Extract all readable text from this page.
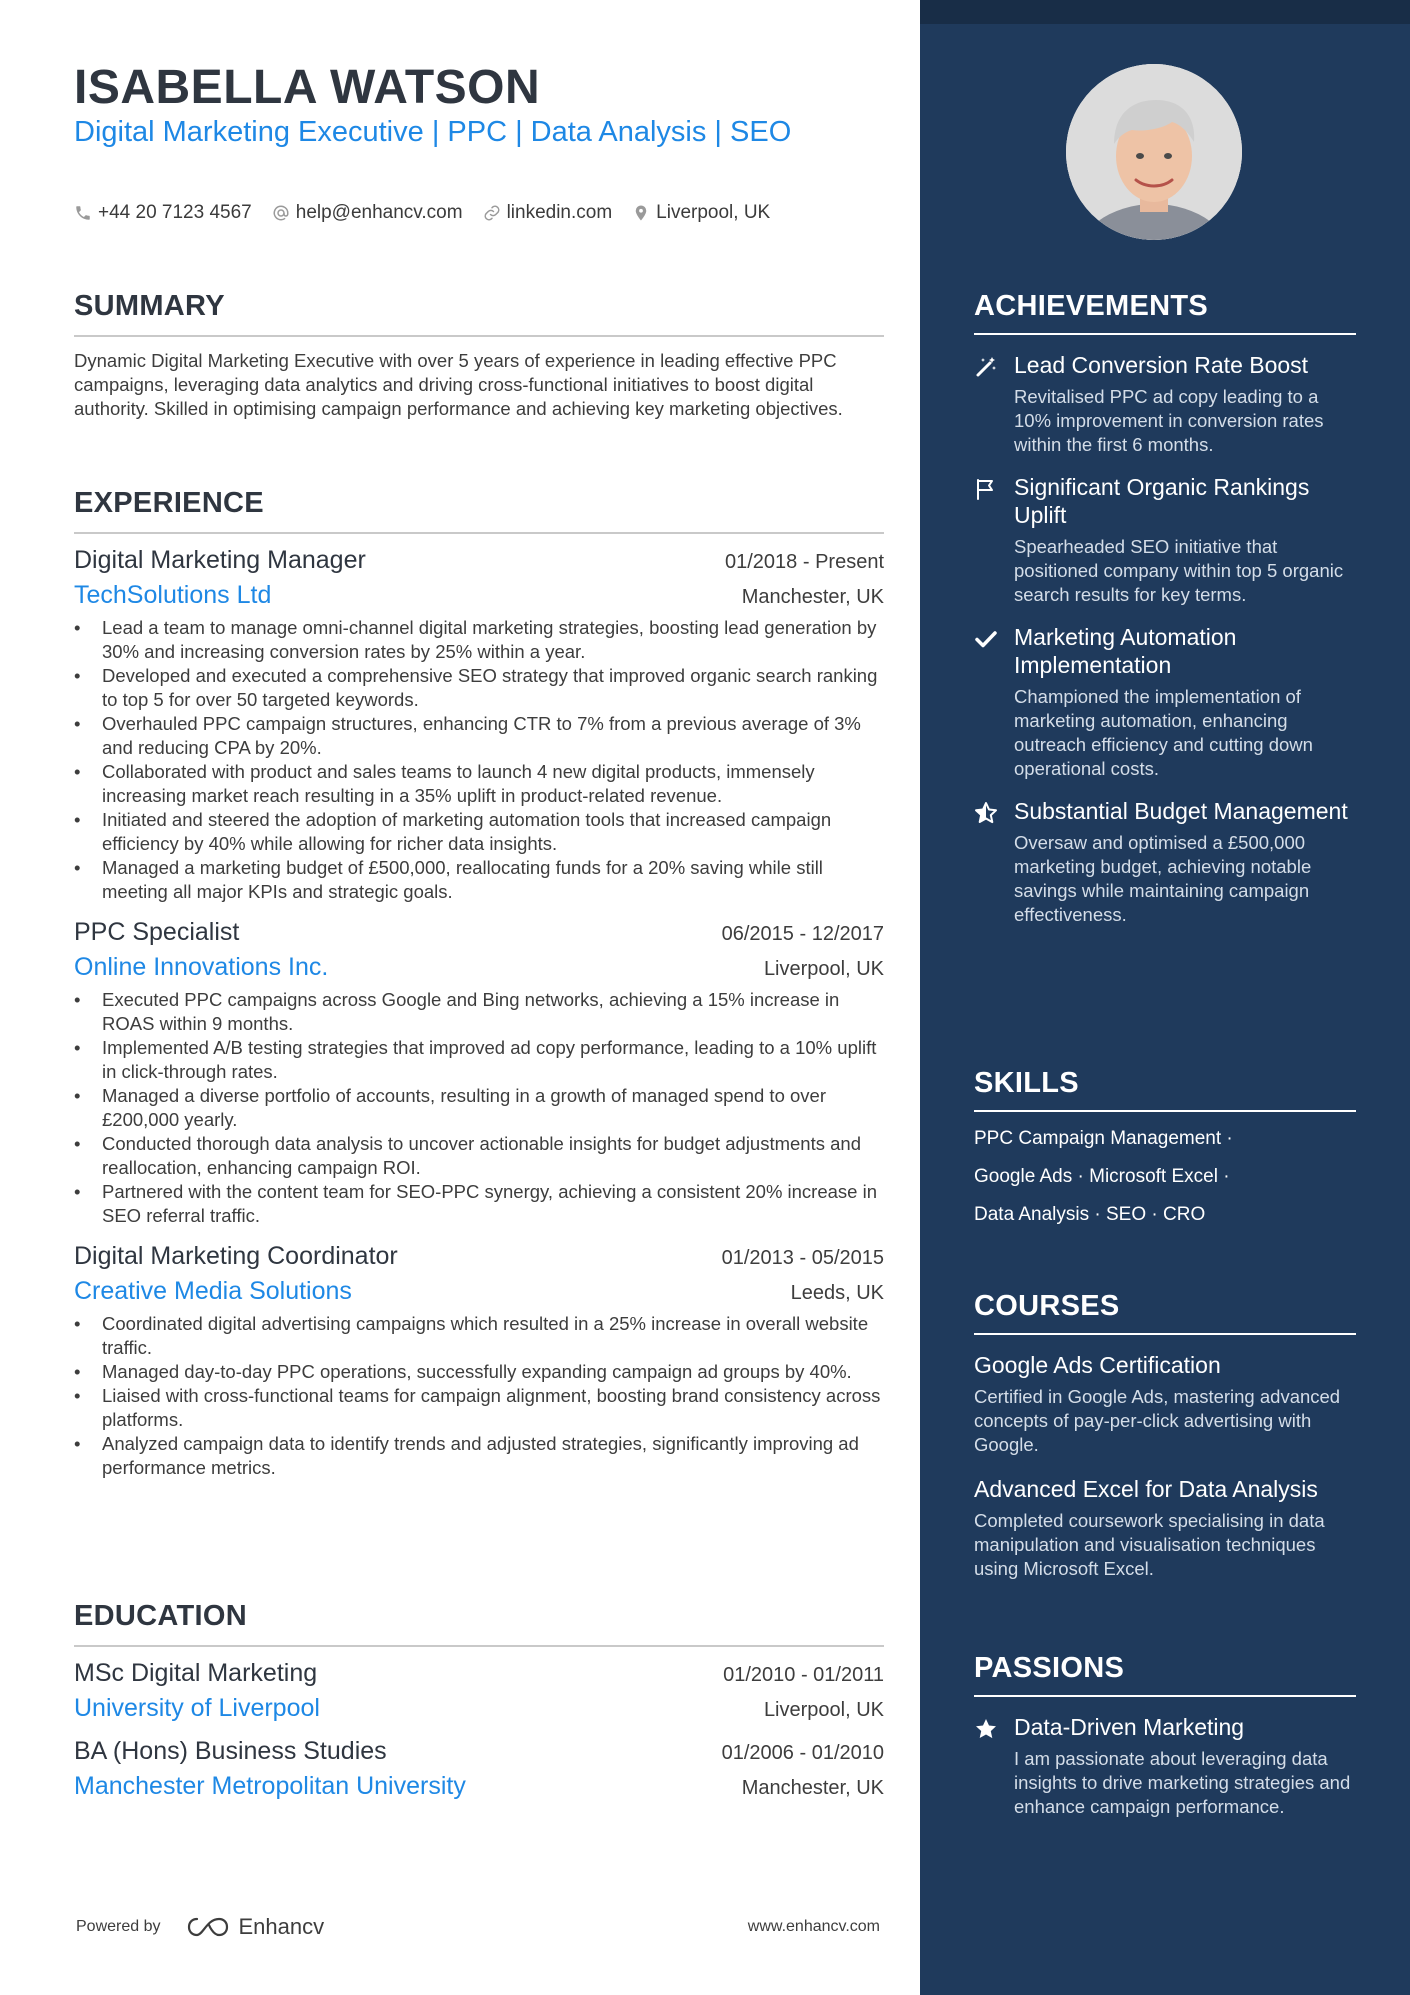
ISABELLA WATSON

Digital Marketing Executive | PPC | Data Analysis | SEO

+44 20 7123 4567 help@enhancv.com linkedin.com Liverpool, UK
SUMMARY

Dynamic Digital Marketing Executive with over 5 years of experience in leading effective PPC campaigns, leveraging data analytics and driving cross-functional initiatives to boost digital authority. Skilled in optimising campaign performance and achieving key marketing objectives.

EXPERIENCE
Digital Marketing Manager	01/2018 - Present
TechSolutions Ltd	Manchester, UK
• Lead a team to manage omni-channel digital marketing strategies, boosting lead generation by 30% and increasing conversion rates by 25% within a year.
• Developed and executed a comprehensive SEO strategy that improved organic search ranking to top 5 for over 50 targeted keywords.
• Overhauled PPC campaign structures, enhancing CTR to 7% from a previous average of 3% and reducing CPA by 20%.
• Collaborated with product and sales teams to launch 4 new digital products, immensely increasing market reach resulting in a 35% uplift in product-related revenue.
• Initiated and steered the adoption of marketing automation tools that increased campaign efficiency by 40% while allowing for richer data insights.
• Managed a marketing budget of £500,000, reallocating funds for a 20% saving while still meeting all major KPIs and strategic goals.
PPC Specialist	06/2015 - 12/2017
Online Innovations Inc.	Liverpool, UK
• Executed PPC campaigns across Google and Bing networks, achieving a 15% increase in ROAS within 9 months.
• Implemented A/B testing strategies that improved ad copy performance, leading to a 10% uplift in click-through rates.
• Managed a diverse portfolio of accounts, resulting in a growth of managed spend to over £200,000 yearly.
• Conducted thorough data analysis to uncover actionable insights for budget adjustments and reallocation, enhancing campaign ROI.
• Partnered with the content team for SEO-PPC synergy, achieving a consistent 20% increase in SEO referral traffic.
Digital Marketing Coordinator	01/2013 - 05/2015
Creative Media Solutions	Leeds, UK
• Coordinated digital advertising campaigns which resulted in a 25% increase in overall website traffic.
• Managed day-to-day PPC operations, successfully expanding campaign ad groups by 40%.
• Liaised with cross-functional teams for campaign alignment, boosting brand consistency across platforms.
• Analyzed campaign data to identify trends and adjusted strategies, significantly improving ad performance metrics.
EDUCATION
MSc Digital Marketing	01/2010 - 01/2011
University of Liverpool	Liverpool, UK
BA (Hons) Business Studies	01/2006 - 01/2010
Manchester Metropolitan University	Manchester, UK
Powered by	Enhancv	www.enhancv.com
ACHIEVEMENTS
Lead Conversion Rate Boost
Revitalised PPC ad copy leading to a 10% improvement in conversion rates within the first 6 months.
Significant Organic Rankings Uplift
Spearheaded SEO initiative that positioned company within top 5 organic search results for key terms.
Marketing Automation Implementation
Championed the implementation of marketing automation, enhancing outreach efficiency and cutting down operational costs.
Substantial Budget Management
Oversaw and optimised a £500,000 marketing budget, achieving notable savings while maintaining campaign effectiveness.
SKILLS
PPC Campaign Management ·
Google Ads · Microsoft Excel ·
Data Analysis · SEO · CRO
COURSES
Google Ads Certification
Certified in Google Ads, mastering advanced concepts of pay-per-click advertising with Google.
Advanced Excel for Data Analysis
Completed coursework specialising in data manipulation and visualisation techniques using Microsoft Excel.
PASSIONS
Data-Driven Marketing
I am passionate about leveraging data insights to drive marketing strategies and enhance campaign performance.
